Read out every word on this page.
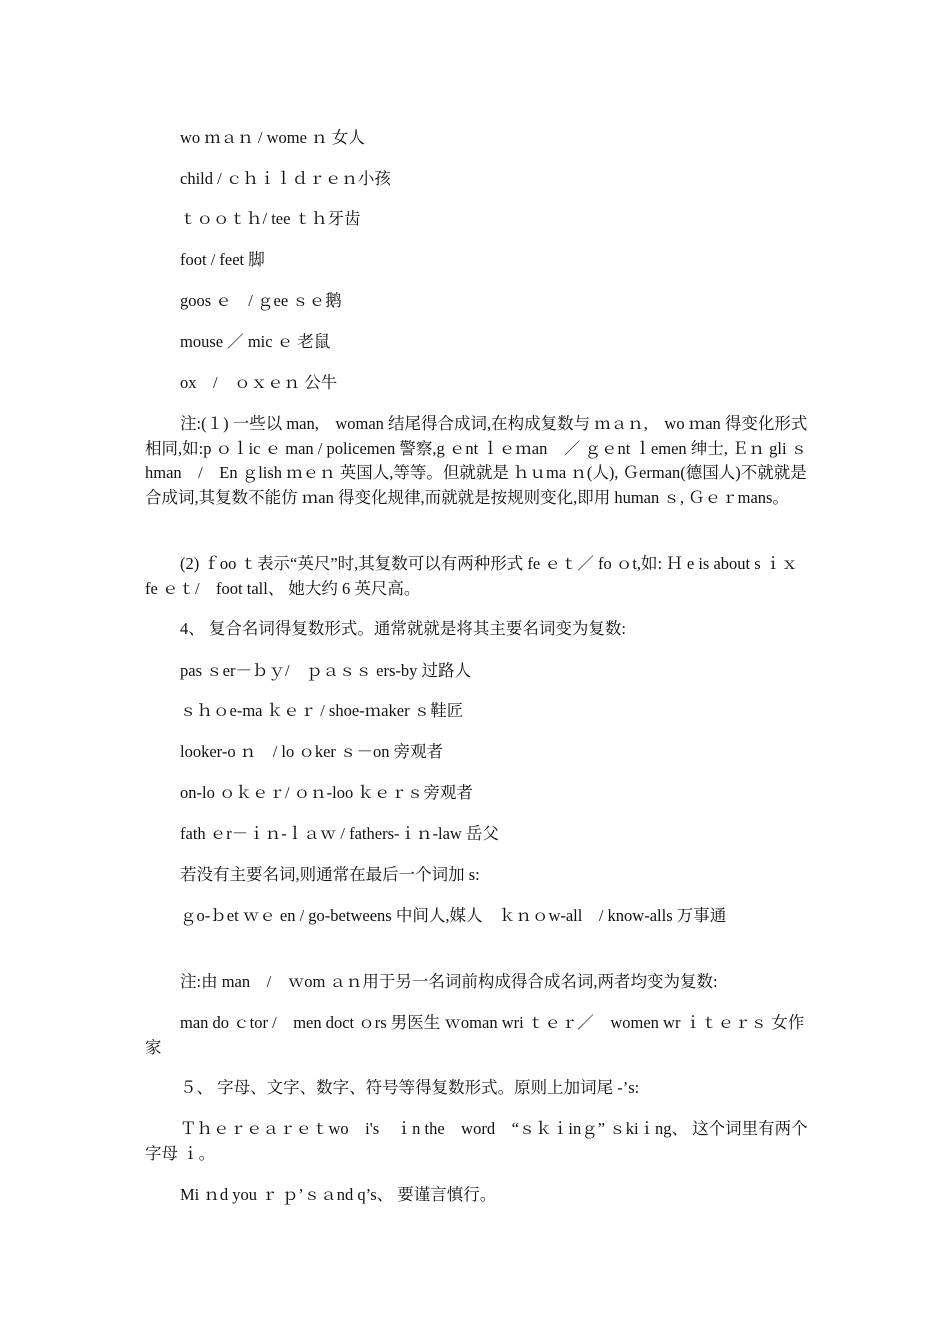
wo ｍａｎ / wome ｎ 女人
child / ｃｈｉｌｄｒｅｎ小孩
ｔｏｏｔｈ/ tee ｔｈ牙齿
foot / feet 脚
goos ｅ　/ ｇee ｓｅ鹅
mouse ／ mic ｅ 老鼠
ox　/　ｏｘｅｎ 公牛
注:(１) 一些以 man,　woman 结尾得合成词,在构成复数与 ｍａｎ,　wo ｍan 得变化形式相同,如:p ｏｌic ｅ man / policemen 警察,g ｅnt ｌｅｍan　／ ｇｅnt ｌemen 绅士, Ｅｎ gli ｓhman　/　En ｇlish ｍｅｎ 英国人,等等。但就就是 ｈｕma ｎ(人), Ｇerman(德国人)不就就是合成词,其复数不能仿 ｍan 得变化规律,而就就是按规则变化,即用 human ｓ, Ｇｅｒmans。
(2) ｆoo ｔ表示“英尺”时,其复数可以有两种形式 fe ｅｔ／ fo ｏt,如: Ｈ e is about s ｉｘ　fe ｅｔ/　foot tall、 她大约 6 英尺高。
4、 复合名词得复数形式。通常就就是将其主要名词变为复数:
pas ｓer－ｂｙ/　ｐａｓｓ ers-by 过路人
ｓｈｏe-ma ｋｅｒ / shoe-ｍaker ｓ鞋匠
looker-o ｎ　/ lo ｏker ｓ－on 旁观者
on-lo ｏｋｅｒ/ ｏｎ-loo ｋｅｒｓ旁观者
fath ｅr－ｉｎ-ｌａｗ / fathers-ｉｎ-law 岳父
若没有主要名词,则通常在最后一个词加 s:
ｇo-ｂet ｗｅ en / go-betweens 中间人,媒人　ｋｎｏw-all　/ know-alls 万事通
注:由 man　/　ｗom ａｎ用于另一名词前构成得合成名词,两者均变为复数:
man do ｃtor /　men doct ｏrs 男医生 ｗoman wri ｔｅｒ／　women wr ｉｔｅｒｓ 女作家
５、 字母、文字、数字、符号等得复数形式。原则上加词尾 -’s:
Ｔｈｅｒｅａｒｅｔwo　i's　ｉn the　word　“ｓｋｉinｇ” ｓkiｉng、 这个词里有两个字母 ｉ。
Mi ｎd you ｒ ｐ’ｓａnd q’s、 要谨言慎行。
